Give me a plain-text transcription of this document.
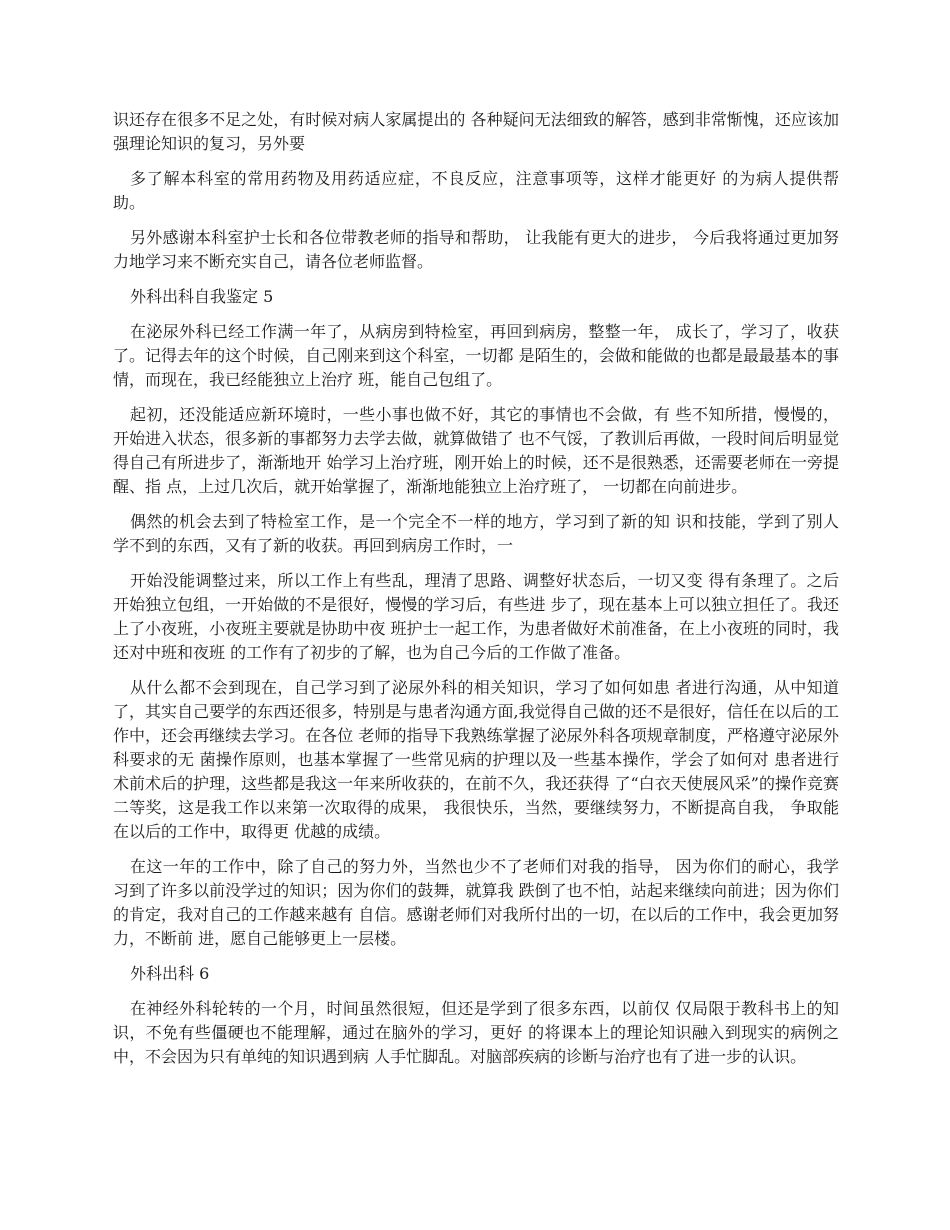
识还存在很多不足之处，有时候对病人家属提出的 各种疑问无法细致的解答，感到非常惭愧，还应该加强理论知识的复习，另外要

多了解本科室的常用药物及用药适应症，不良反应，注意事项等，这样才能更好 的为病人提供帮助。

另外感谢本科室护士长和各位带教老师的指导和帮助， 让我能有更大的进步， 今后我将通过更加努力地学习来不断充实自己，请各位老师监督。

外科出科自我鉴定 5

在泌尿外科已经工作满一年了，从病房到特检室，再回到病房，整整一年， 成长了，学习了，收获了。记得去年的这个时候，自己刚来到这个科室，一切都 是陌生的，会做和能做的也都是最最基本的事情，而现在，我已经能独立上治疗 班，能自己包组了。

起初，还没能适应新环境时，一些小事也做不好，其它的事情也不会做，有 些不知所措，慢慢的，开始进入状态，很多新的事都努力去学去做，就算做错了 也不气馁，了教训后再做，一段时间后明显觉得自己有所进步了，渐渐地开 始学习上治疗班，刚开始上的时候，还不是很熟悉，还需要老师在一旁提醒、指 点，上过几次后，就开始掌握了，渐渐地能独立上治疗班了， 一切都在向前进步。

偶然的机会去到了特检室工作，是一个完全不一样的地方，学习到了新的知 识和技能，学到了别人学不到的东西，又有了新的收获。再回到病房工作时，一

开始没能调整过来，所以工作上有些乱，理清了思路、调整好状态后，一切又变 得有条理了。之后开始独立包组，一开始做的不是很好，慢慢的学习后，有些进 步了，现在基本上可以独立担任了。我还上了小夜班，小夜班主要就是协助中夜 班护士一起工作，为患者做好术前准备，在上小夜班的同时，我还对中班和夜班 的工作有了初步的了解，也为自己今后的工作做了准备。

从什么都不会到现在，自己学习到了泌尿外科的相关知识，学习了如何如患 者进行沟通，从中知道了，其实自己要学的东西还很多，特别是与患者沟通方面,我觉得自己做的还不是很好，信任在以后的工作中，还会再继续去学习。在各位 老师的指导下我熟练掌握了泌尿外科各项规章制度，严格遵守泌尿外科要求的无 菌操作原则，也基本掌握了一些常见病的护理以及一些基本操作，学会了如何对 患者进行术前术后的护理，这些都是我这一年来所收获的，在前不久，我还获得 了“白衣天使展风采”的操作竞赛二等奖，这是我工作以来第一次取得的成果， 我很快乐，当然，要继续努力，不断提高自我， 争取能在以后的工作中，取得更 优越的成绩。

在这一年的工作中，除了自己的努力外，当然也少不了老师们对我的指导， 因为你们的耐心，我学习到了许多以前没学过的知识；因为你们的鼓舞，就算我 跌倒了也不怕，站起来继续向前进；因为你们的肯定，我对自己的工作越来越有 自信。感谢老师们对我所付出的一切，在以后的工作中，我会更加努力，不断前 进，愿自己能够更上一层楼。

外科出科 6

在神经外科轮转的一个月，时间虽然很短，但还是学到了很多东西，以前仅 仅局限于教科书上的知识，不免有些僵硬也不能理解，通过在脑外的学习，更好 的将课本上的理论知识融入到现实的病例之中，不会因为只有单纯的知识遇到病 人手忙脚乱。对脑部疾病的诊断与治疗也有了进一步的认识。
